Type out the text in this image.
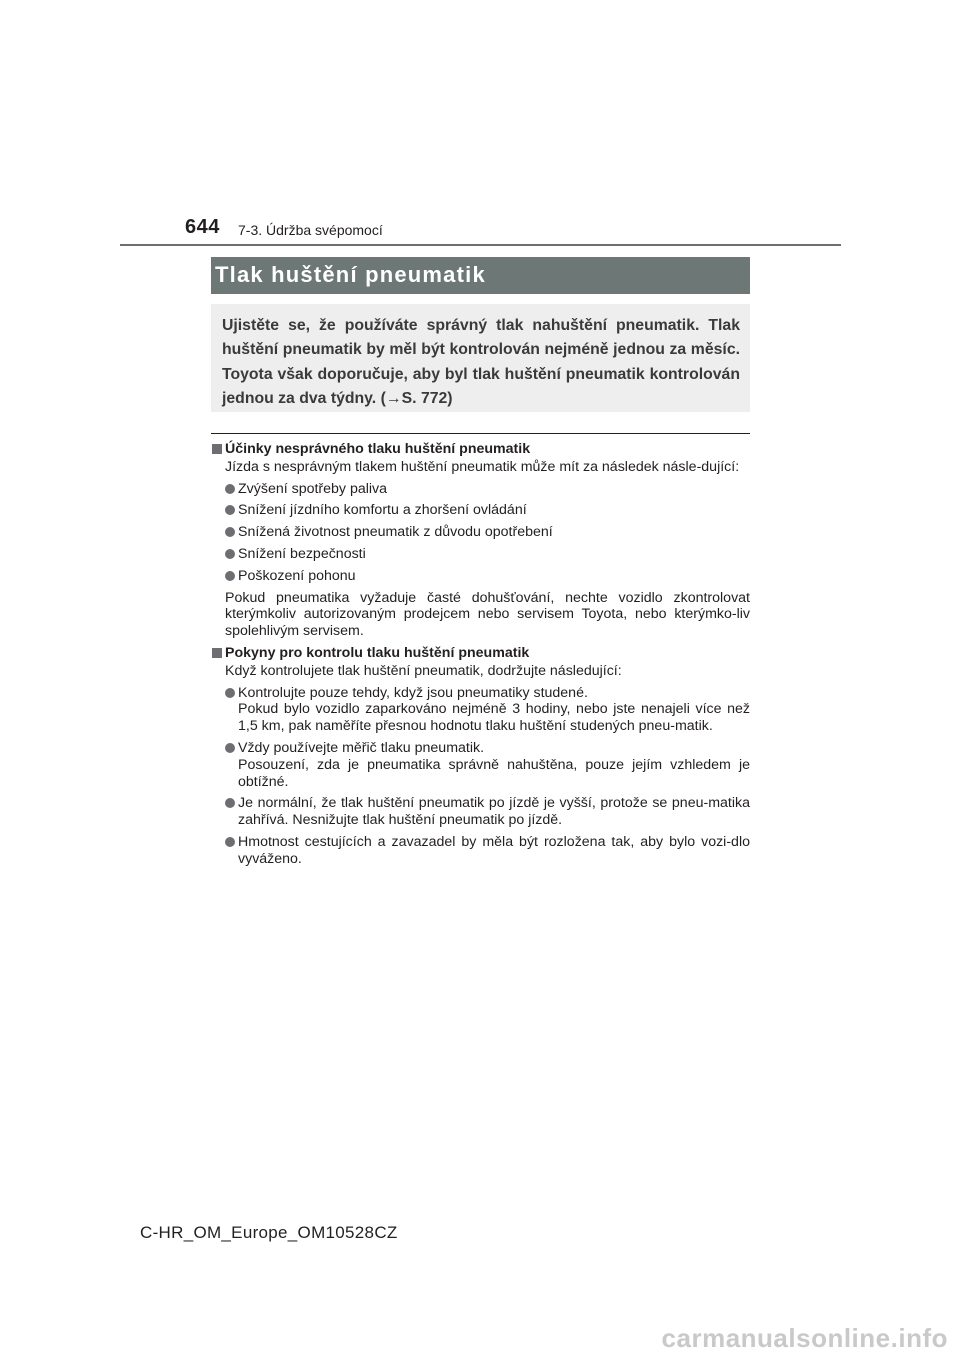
644 7-3. Údržba svépomocí
Tlak huštění pneumatik

Ujistěte se, že používáte správný tlak nahuštění pneumatik. Tlak huštění pneumatik by měl být kontrolován nejméně jednou za měsíc. Toyota však doporučuje, aby byl tlak huštění pneumatik kontrolován jednou za dva týdny. (→S. 772)

Účinky nesprávného tlaku huštění pneumatik
Jízda s nesprávným tlakem huštění pneumatik může mít za následek násle-dující:
Zvýšení spotřeby paliva
Snížení jízdního komfortu a zhoršení ovládání
Snížená životnost pneumatik z důvodu opotřebení
Snížení bezpečnosti
Poškození pohonu
Pokud pneumatika vyžaduje časté dohušťování, nechte vozidlo zkontrolovat kterýmkoliv autorizovaným prodejcem nebo servisem Toyota, nebo kterýmko-liv spolehlivým servisem.
Pokyny pro kontrolu tlaku huštění pneumatik
Když kontrolujete tlak huštění pneumatik, dodržujte následující:
Kontrolujte pouze tehdy, když jsou pneumatiky studené.
Pokud bylo vozidlo zaparkováno nejméně 3 hodiny, nebo jste nenajeli více než 1,5 km, pak naměříte přesnou hodnotu tlaku huštění studených pneu-matik.
Vždy používejte měřič tlaku pneumatik.
Posouzení, zda je pneumatika správně nahuštěna, pouze jejím vzhledem je obtížné.
Je normální, že tlak huštění pneumatik po jízdě je vyšší, protože se pneu-matika zahřívá. Nesnižujte tlak huštění pneumatik po jízdě.
Hmotnost cestujících a zavazadel by měla být rozložena tak, aby bylo vozi-dlo vyváženo.
C-HR_OM_Europe_OM10528CZ
carmanualsonline.info
